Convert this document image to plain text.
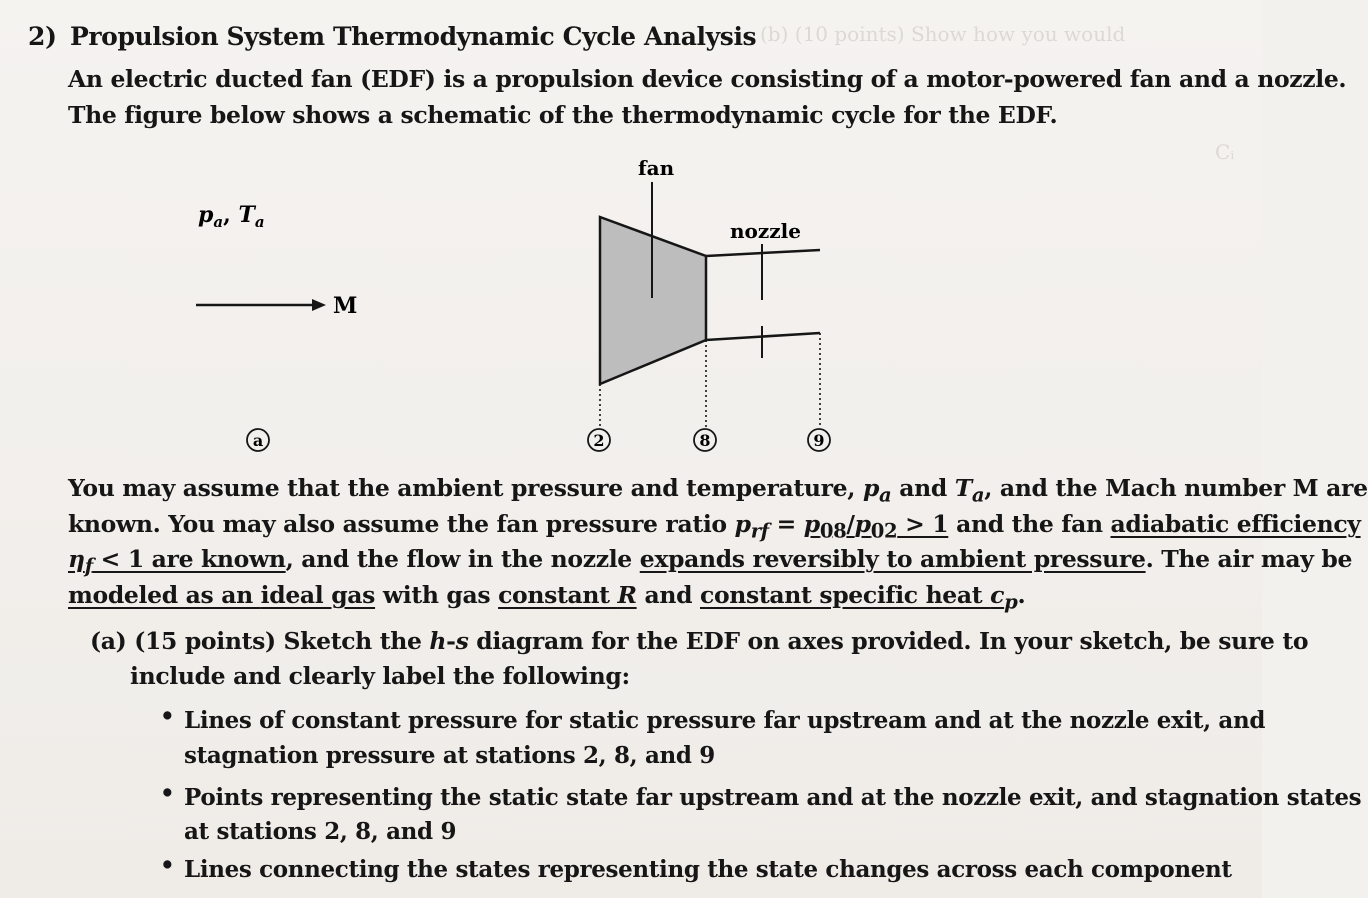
(b) (10 points) Show how you would
Cᵢ
2) Propulsion System Thermodynamic Cycle Analysis
An electric ducted fan (EDF) is a propulsion device consisting of a motor-powered fan and a nozzle.
The figure below shows a schematic of the thermodynamic cycle for the EDF.
$p_a$, $T_a$
M
fan
nozzle
a	2	8	9
You may assume that the ambient pressure and temperature, $p_a$ and $T_a$, and the Mach number M are
known. You may also assume the fan pressure ratio $p_{rf} = p_{08}/p_{02} > 1$ and the fan adiabatic efficiency
$\eta_f < 1$ are known, and the flow in the nozzle expands reversibly to ambient pressure. The air may be
modeled as an ideal gas with gas constant R and constant specific heat $c_p$.
(a) (15 points) Sketch the h-s diagram for the EDF on axes provided. In your sketch, be sure to
include and clearly label the following:
• Lines of constant pressure for static pressure far upstream and at the nozzle exit, and
stagnation pressure at stations 2, 8, and 9
• Points representing the static state far upstream and at the nozzle exit, and stagnation states
at stations 2, 8, and 9
• Lines connecting the states representing the state changes across each component
